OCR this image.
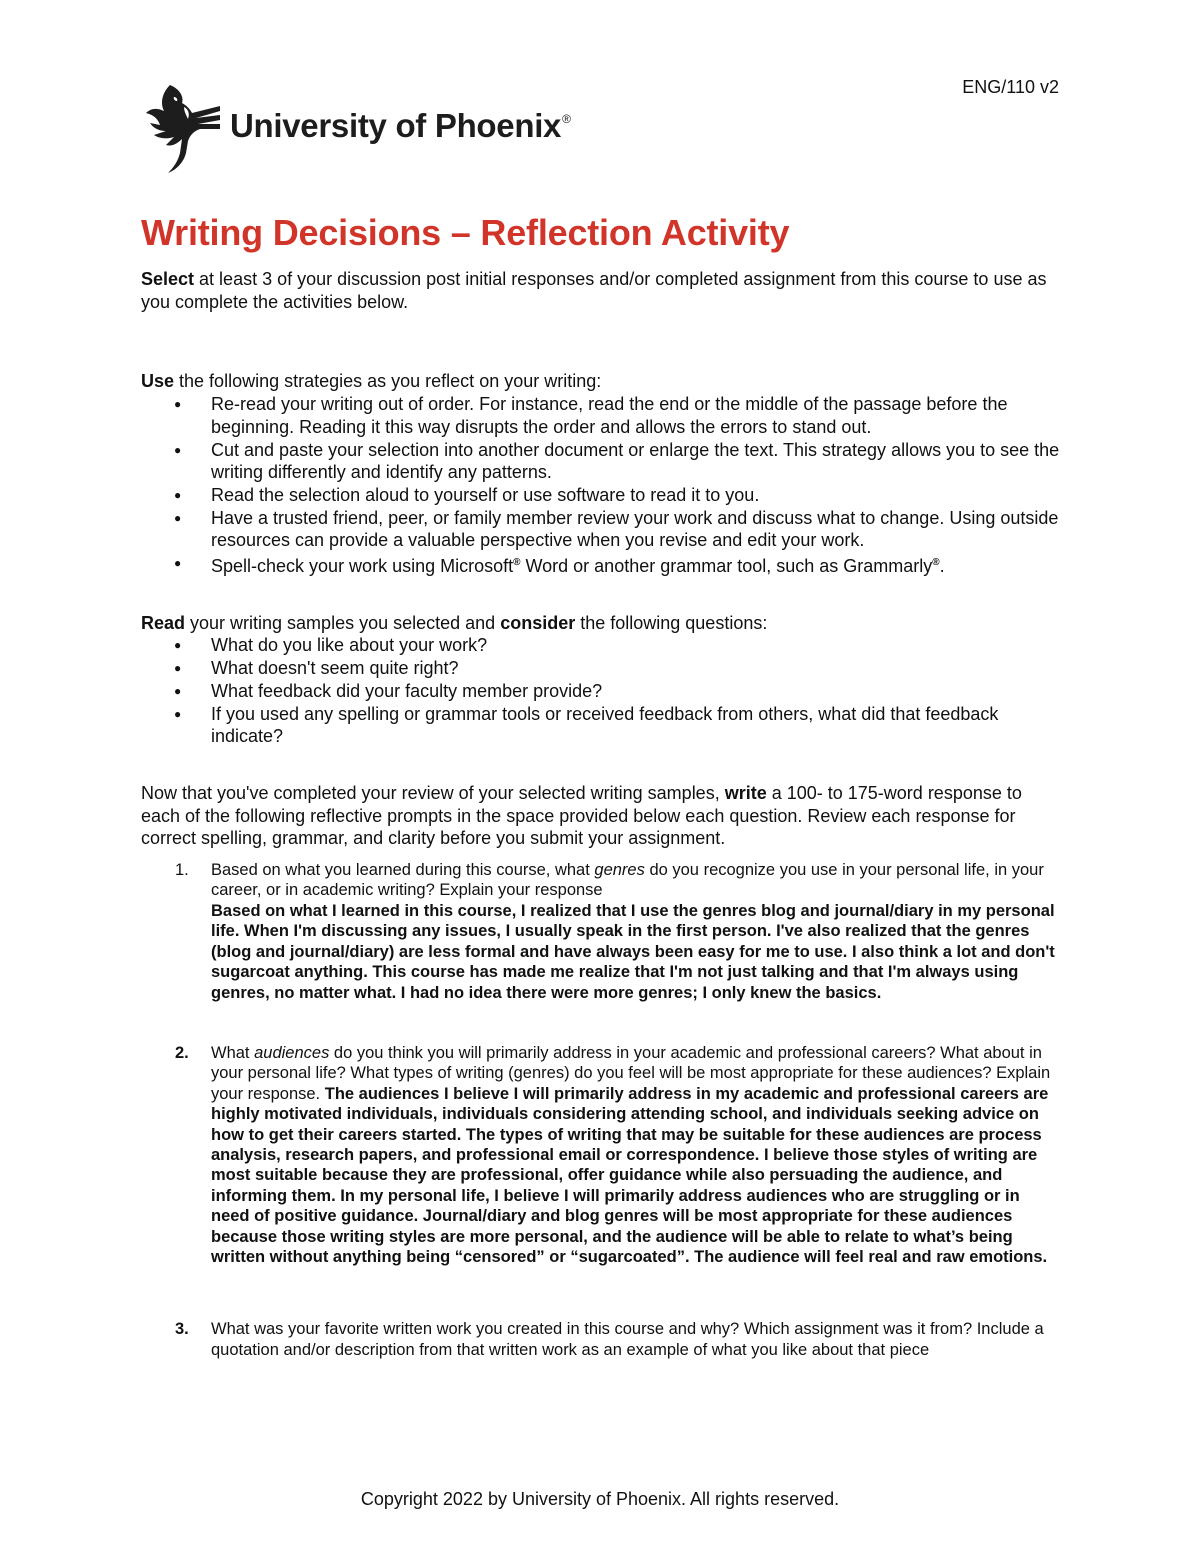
ENG/110 v2
University of Phoenix®
Writing Decisions – Reflection Activity

Select at least 3 of your discussion post initial responses and/or completed assignment from this course to use as you complete the activities below.

Use the following strategies as you reflect on your writing:

● Re-read your writing out of order. For instance, read the end or the middle of the passage before the beginning. Reading it this way disrupts the order and allows the errors to stand out.
● Cut and paste your selection into another document or enlarge the text. This strategy allows you to see the writing differently and identify any patterns.
● Read the selection aloud to yourself or use software to read it to you.
● Have a trusted friend, peer, or family member review your work and discuss what to change. Using outside resources can provide a valuable perspective when you revise and edit your work.
● Spell-check your work using Microsoft® Word or another grammar tool, such as Grammarly®.

Read your writing samples you selected and consider the following questions:

● What do you like about your work?
● What doesn't seem quite right?
● What feedback did your faculty member provide?
● If you used any spelling or grammar tools or received feedback from others, what did that feedback indicate?

Now that you've completed your review of your selected writing samples, write a 100- to 175-word response to each of the following reflective prompts in the space provided below each question. Review each response for correct spelling, grammar, and clarity before you submit your assignment.

1. Based on what you learned during this course, what genres do you recognize you use in your personal life, in your career, or in academic writing? Explain your response
Based on what I learned in this course, I realized that I use the genres blog and journal/diary in my personal life. When I'm discussing any issues, I usually speak in the first person. I've also realized that the genres (blog and journal/diary) are less formal and have always been easy for me to use. I also think a lot and don't sugarcoat anything. This course has made me realize that I'm not just talking and that I'm always using genres, no matter what. I had no idea there were more genres; I only knew the basics.
2. What audiences do you think you will primarily address in your academic and professional careers? What about in your personal life? What types of writing (genres) do you feel will be most appropriate for these audiences? Explain your response. The audiences I believe I will primarily address in my academic and professional careers are highly motivated individuals, individuals considering attending school, and individuals seeking advice on how to get their careers started. The types of writing that may be suitable for these audiences are process analysis, research papers, and professional email or correspondence. I believe those styles of writing are most suitable because they are professional, offer guidance while also persuading the audience, and informing them. In my personal life, I believe I will primarily address audiences who are struggling or in need of positive guidance. Journal/diary and blog genres will be most appropriate for these audiences because those writing styles are more personal, and the audience will be able to relate to what’s being written without anything being “censored” or “sugarcoated”. The audience will feel real and raw emotions.
3. What was your favorite written work you created in this course and why? Which assignment was it from? Include a quotation and/or description from that written work as an example of what you like about that piece
Copyright 2022 by University of Phoenix. All rights reserved.
